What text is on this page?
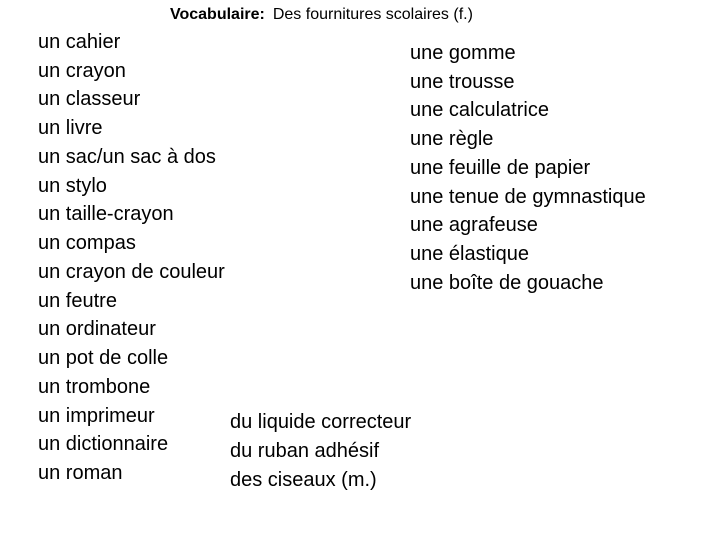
Vocabulaire: Des fournitures scolaires (f.)
un cahier
un crayon
un classeur
un livre
un sac/un sac à dos
un stylo
un taille-crayon
un compas
un crayon de couleur
un feutre
un ordinateur
un pot de colle
un trombone
un imprimeur
un dictionnaire
un roman
une gomme
une trousse
une calculatrice
une règle
une feuille de papier
une tenue de gymnastique
une agrafeuse
une élastique
une boîte de gouache
du liquide correcteur
du ruban adhésif
des ciseaux (m.)
